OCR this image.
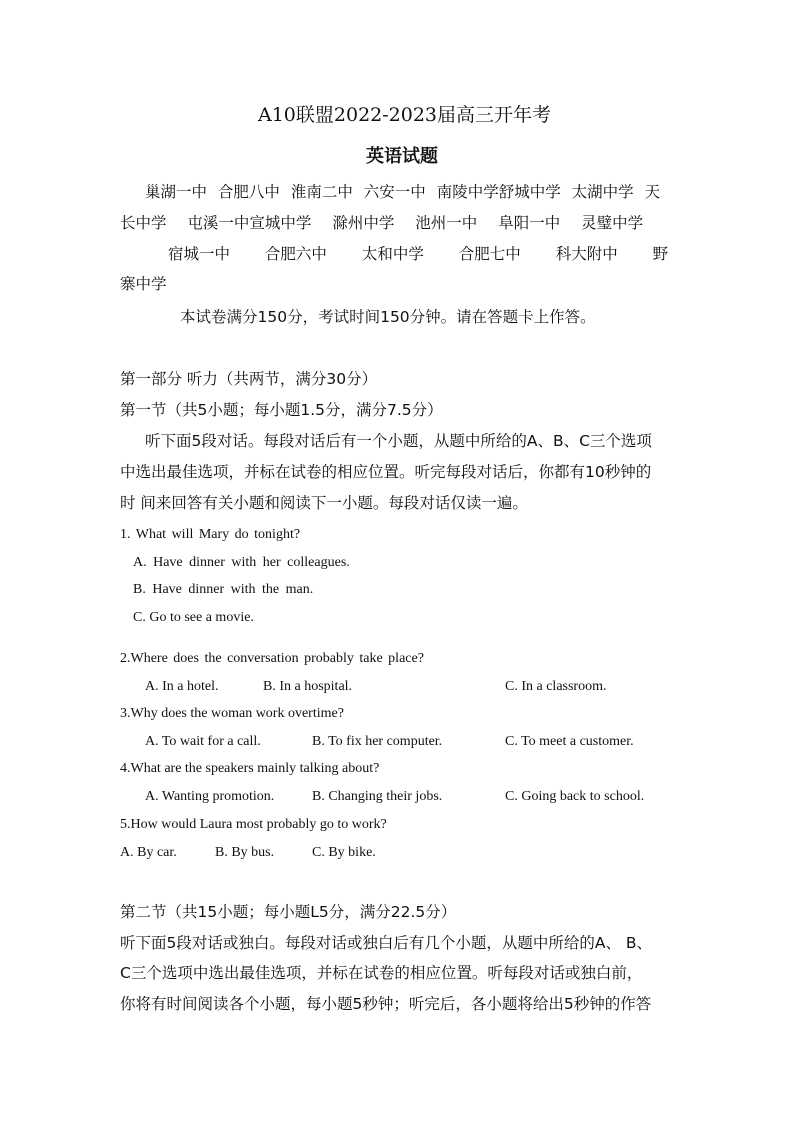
A10联盟2022-2023届高三开年考
英语试题
巢湖一中 合肥八中 淮南二中 六安一中 南陵中学舒城中学 太湖中学 天
长中学 屯溪一中宣城中学 滁州中学 池州一中 阜阳一中 灵璧中学
宿城一中 合肥六中 太和中学 合肥七中 科大附中 野
寨中学
本试卷满分150分，考试时间150分钟。请在答题卡上作答。
第一部分 听力（共两节，满分30分）
第一节（共5小题；每小题1.5分，满分7.5分）
听下面5段对话。每段对话后有一个小题，从题中所给的A、B、C三个选项
中选出最佳选项，并标在试卷的相应位置。听完每段对话后，你都有10秒钟的
时 间来回答有关小题和阅读下一小题。每段对话仅读一遍。
1. What will Mary do tonight?
A. Have dinner with her colleagues.
B. Have dinner with the man.
C. Go to see a movie.
2.Where does the conversation probably take place?
A. In a hotel.	B. In a hospital.	C. In a classroom.
3.Why does the woman work overtime?
A. To wait for a call.	B. To fix her computer.	C. To meet a customer.
4.What are the speakers mainly talking about?
A. Wanting promotion.	B. Changing their jobs.	C. Going back to school.
5.How would Laura most probably go to work?
A. By car.	B. By bus.	C. By bike.
第二节（共15小题；每小题L5分，满分22.5分）
听下面5段对话或独白。每段对话或独白后有几个小题，从题中所给的A、 B、
C三个选项中选出最佳选项，并标在试卷的相应位置。听每段对话或独白前，
你将有时间阅读各个小题，每小题5秒钟；听完后，各小题将给出5秒钟的作答
